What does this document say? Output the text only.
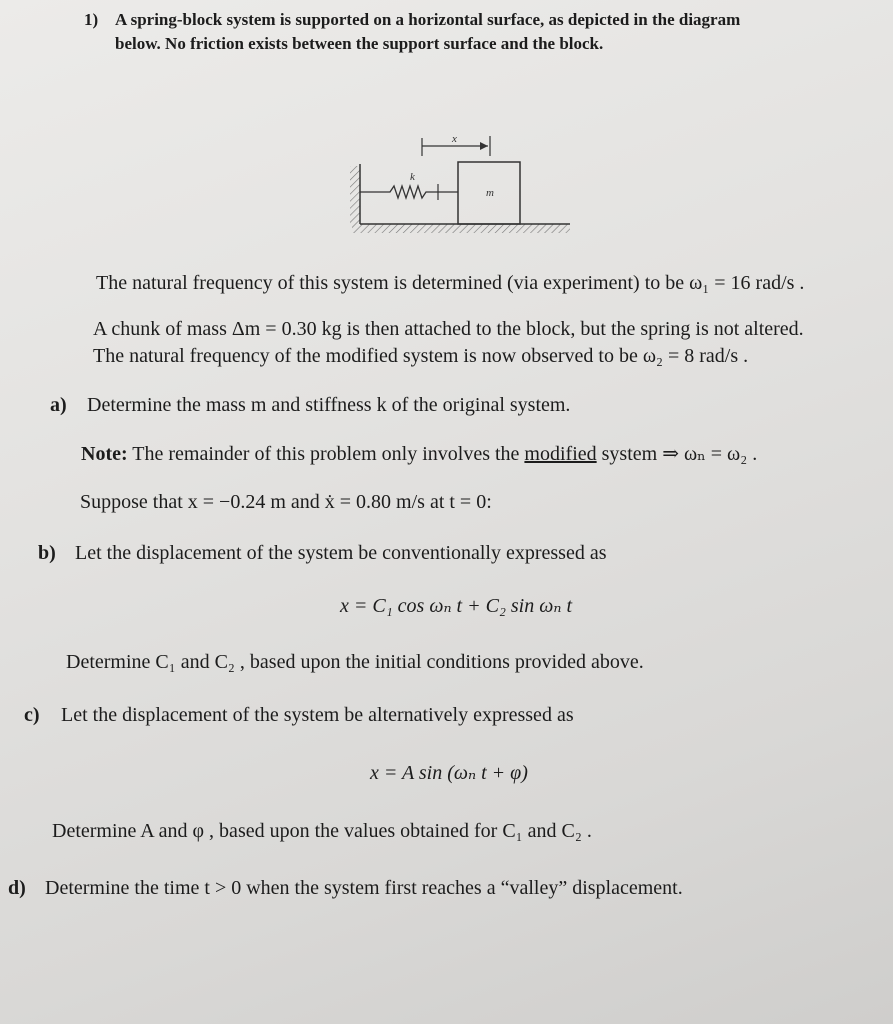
1) A spring-block system is supported on a horizontal surface, as depicted in the diagram
below. No friction exists between the support surface and the block.
x
k
m
The natural frequency of this system is determined (via experiment) to be ω₁ = 16 rad/s .
A chunk of mass Δm = 0.30 kg is then attached to the block, but the spring is not altered.
The natural frequency of the modified system is now observed to be ω₂ = 8 rad/s .
a) Determine the mass m and stiffness k of the original system.
Note: The remainder of this problem only involves the modified system ⇒ ωₙ = ω₂ .
Suppose that x = −0.24 m and ẋ = 0.80 m/s at t = 0:
b) Let the displacement of the system be conventionally expressed as
x = C₁ cos ωₙ t + C₂ sin ωₙ t
Determine C₁ and C₂ , based upon the initial conditions provided above.
c) Let the displacement of the system be alternatively expressed as
x = A sin (ωₙ t + φ)
Determine A and φ , based upon the values obtained for C₁ and C₂ .
d) Determine the time t > 0 when the system first reaches a “valley” displacement.
